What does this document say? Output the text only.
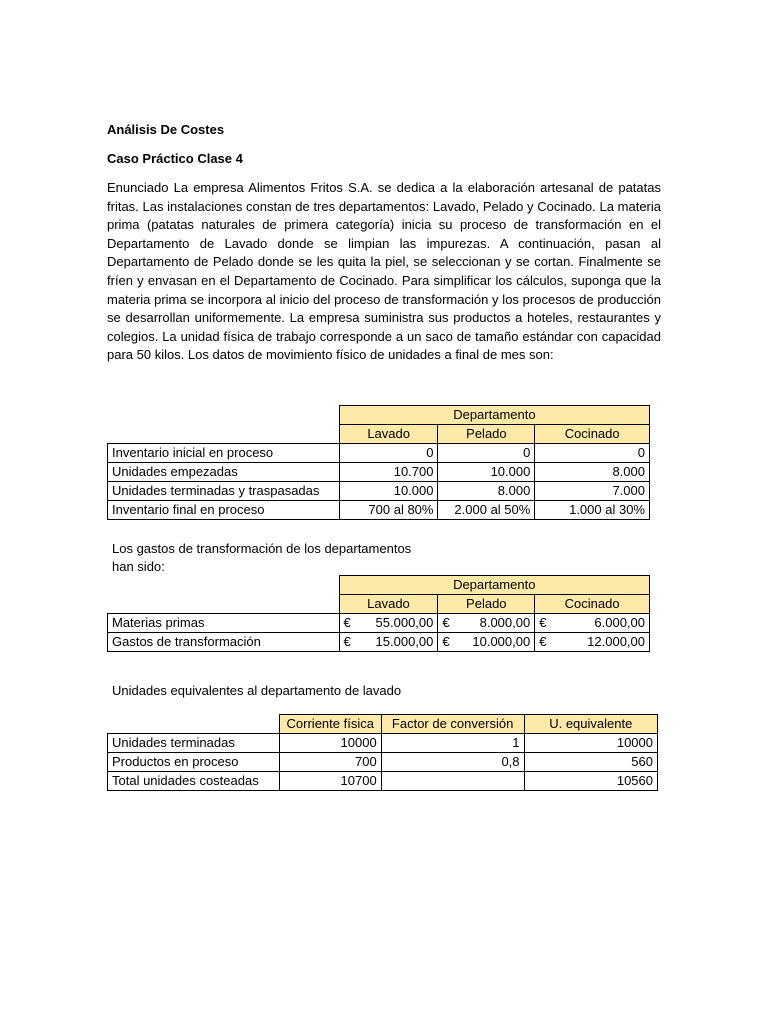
Análisis De Costes
Caso Práctico Clase 4
Enunciado La empresa Alimentos Fritos S.A. se dedica a la elaboración artesanal de patatas fritas. Las instalaciones constan de tres departamentos: Lavado, Pelado y Cocinado. La materia prima (patatas naturales de primera categoría) inicia su proceso de transformación en el Departamento de Lavado donde se limpian las impurezas. A continuación, pasan al Departamento de Pelado donde se les quita la piel, se seleccionan y se cortan. Finalmente se fríen y envasan en el Departamento de Cocinado. Para simplificar los cálculos, suponga que la materia prima se incorpora al inicio del proceso de transformación y los procesos de producción se desarrollan uniformemente. La empresa suministra sus productos a hoteles, restaurantes y colegios. La unidad física de trabajo corresponde a un saco de tamaño estándar con capacidad para 50 kilos. Los datos de movimiento físico de unidades a final de mes son:
	Departamento		
	Lavado	Pelado	Cocinado
Inventario inicial en proceso	0	0	0
Unidades empezadas	10.700	10.000	8.000
Unidades terminadas y traspasadas	10.000	8.000	7.000
Inventario final en proceso	700 al 80%	2.000 al 50%	1.000 al 30%
Los gastos de transformación de los departamentos
han sido:
	Departamento		
	Lavado	Pelado	Cocinado
Materias primas	€ 55.000,00	€ 8.000,00	€ 6.000,00

Gastos de transformación	€ 15.000,00	€ 10.000,00	€ 12.000,00
Unidades equivalentes al departamento de lavado
	Corriente física	Factor de conversión	U. equivalente
Unidades terminadas	10000	1	10000
Productos en proceso	700	0,8	560
Total unidades costeadas	10700		10560
